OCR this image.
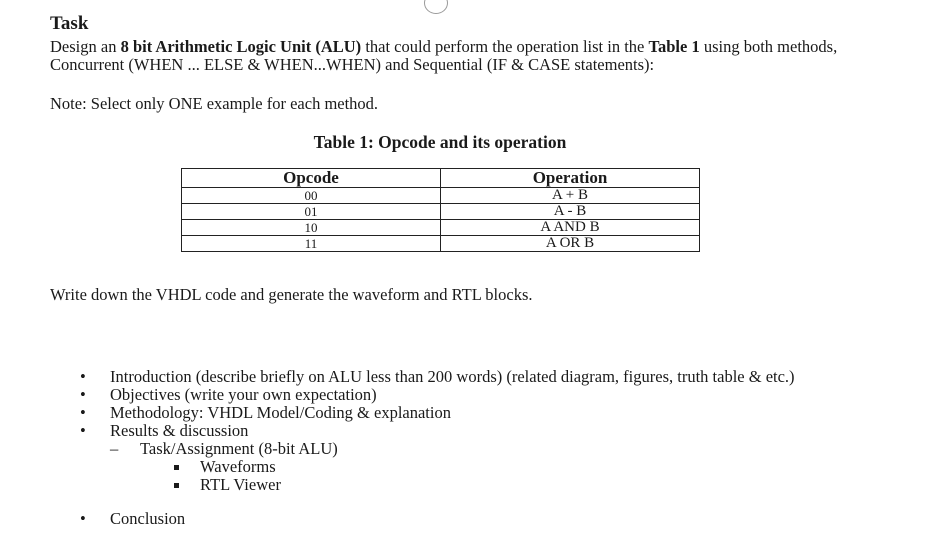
Task
Design an 8 bit Arithmetic Logic Unit (ALU) that could perform the operation list in the Table 1 using both methods, Concurrent (WHEN ... ELSE & WHEN...WHEN) and Sequential (IF & CASE statements):
Note: Select only ONE example for each method.
Table 1: Opcode and its operation
Opcode	Operation
00	A + B
01	A - B
10	A AND B
11	A OR B
Write down the VHDL code and generate the waveform and RTL blocks.
•	Introduction (describe briefly on ALU less than 200 words) (related diagram, figures, truth table & etc.)
•	Objectives (write your own expectation)
•	Methodology: VHDL Model/Coding & explanation
•	Results & discussion
– Task/Assignment (8-bit ALU)
Waveforms
RTL Viewer
•	Conclusion
